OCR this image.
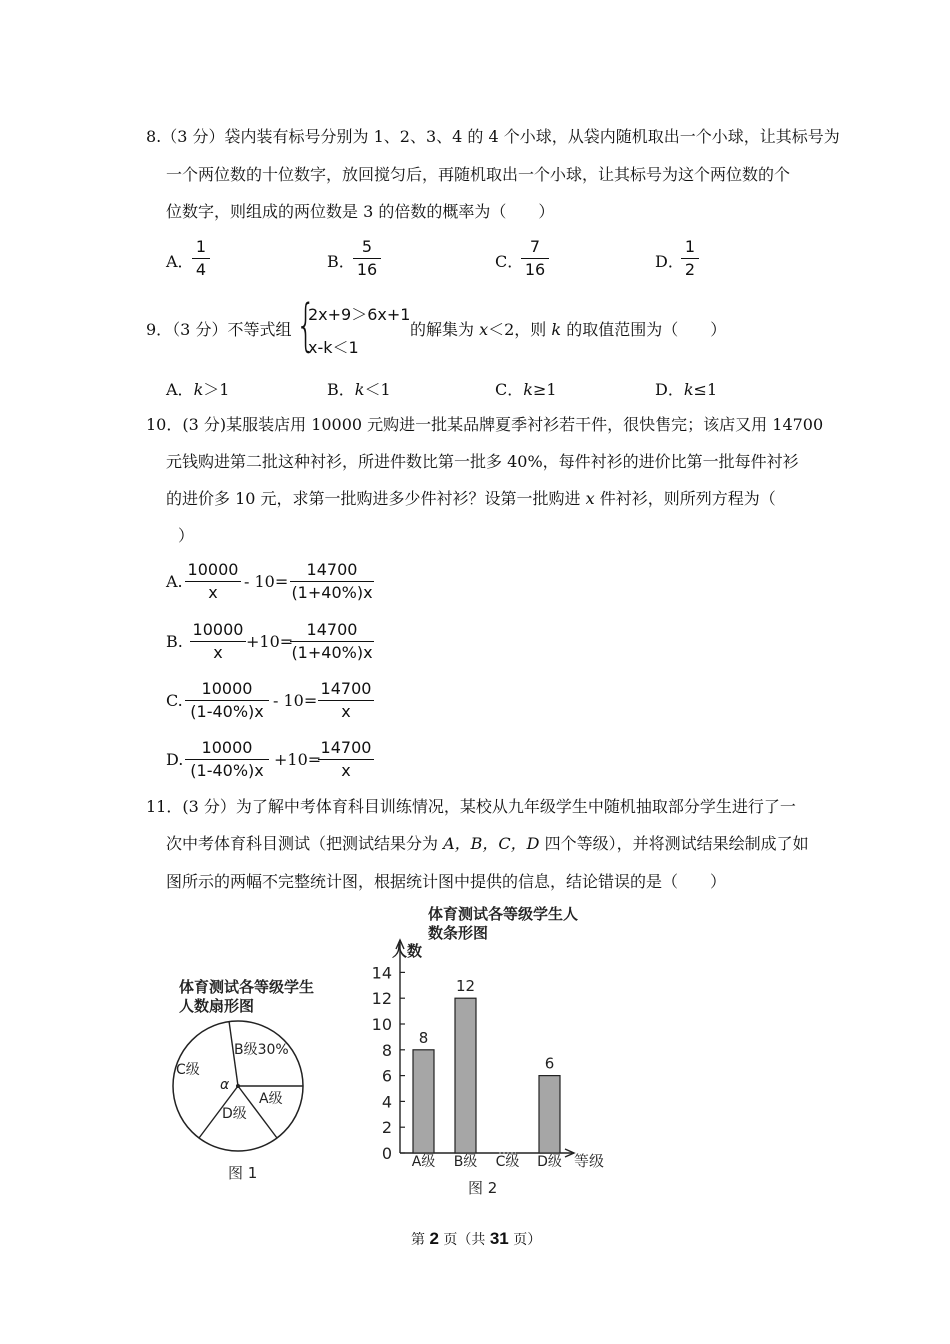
8.（3 分）袋内装有标号分别为 1、2、3、4 的 4 个小球，从袋内随机取出一个小球，让其标号为
一个两位数的十位数字，放回搅匀后，再随机取出一个小球，让其标号为这个两位数的个
位数字，则组成的两位数是 3 的倍数的概率为（　　）
A．
$\frac{1}{4}$	B．
$\frac{5}{16}$	C．
$\frac{7}{16}$	D．
$\frac{1}{2}$
9．（3 分）不等式组 {
2x+9＞6x+1
x-k＜1
的解集为 x＜2，则 k 的取值范围为（　　）
A．k＞1	B．k＜1	C．k≥1	D．k≤1
10．(3 分)某服装店用 10000 元购进一批某品牌夏季衬衫若干件，很快售完；该店又用 14700
元钱购进第二批这种衬衫，所进件数比第一批多 40%，每件衬衫的进价比第一批每件衬衫
的进价多 10 元，求第一批购进多少件衬衫？设第一批购进 x 件衬衫，则所列方程为（
）
A. $\frac{10000}{x} - 10= \frac{14700}{(1+40\%)x}$
B. $\frac{10000}{x} +10=$
$\frac{14700}{(1+40\%)x}$
C. $\frac{10000}{(1-40\%)x} - 10= \frac{14700}{x}$
D. $\frac{10000}{(1-40\%)x} +10=$
$\frac{14700}{x}$
11．(3 分）为了解中考体育科目训练情况，某校从九年级学生中随机抽取部分学生进行了一
次中考体育科目测试（把测试结果分为 A，B，C，D 四个等级），并将测试结果绘制成了如
图所示的两幅不完整统计图，根据统计图中提供的信息，结论错误的是（　　）
体育测试各等级学生
人数扇形图
B级30%
C级
A级
D级
α
图 1
体育测试各等级学生人
数条形图
人数
0
2
4
6
8
10
12
14
8
A级
12
B级 C级
6
D级 等级
图 2
第 2 页（共 31 页）
